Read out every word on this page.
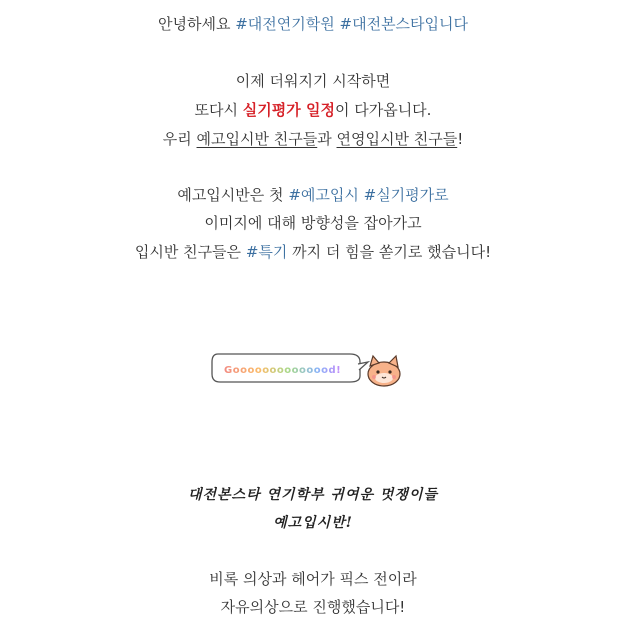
안녕하세요 #대전연기학원 #대전본스타입니다
이제 더워지기 시작하면
또다시 실기평가 일정이 다가옵니다.
우리 예고입시반 친구들과 연영입시반 친구들!
예고입시반은 첫 #예고입시 #실기평가로
이미지에 대해 방향성을 잡아가고
입시반 친구들은 #특기 까지 더 힘을 쏟기로 했습니다!
Goooooooooooood!
대전본스타 연기학부 귀여운 멋쟁이들
예고입시반!
비록 의상과 헤어가 픽스 전이라
자유의상으로 진행했습니다!
